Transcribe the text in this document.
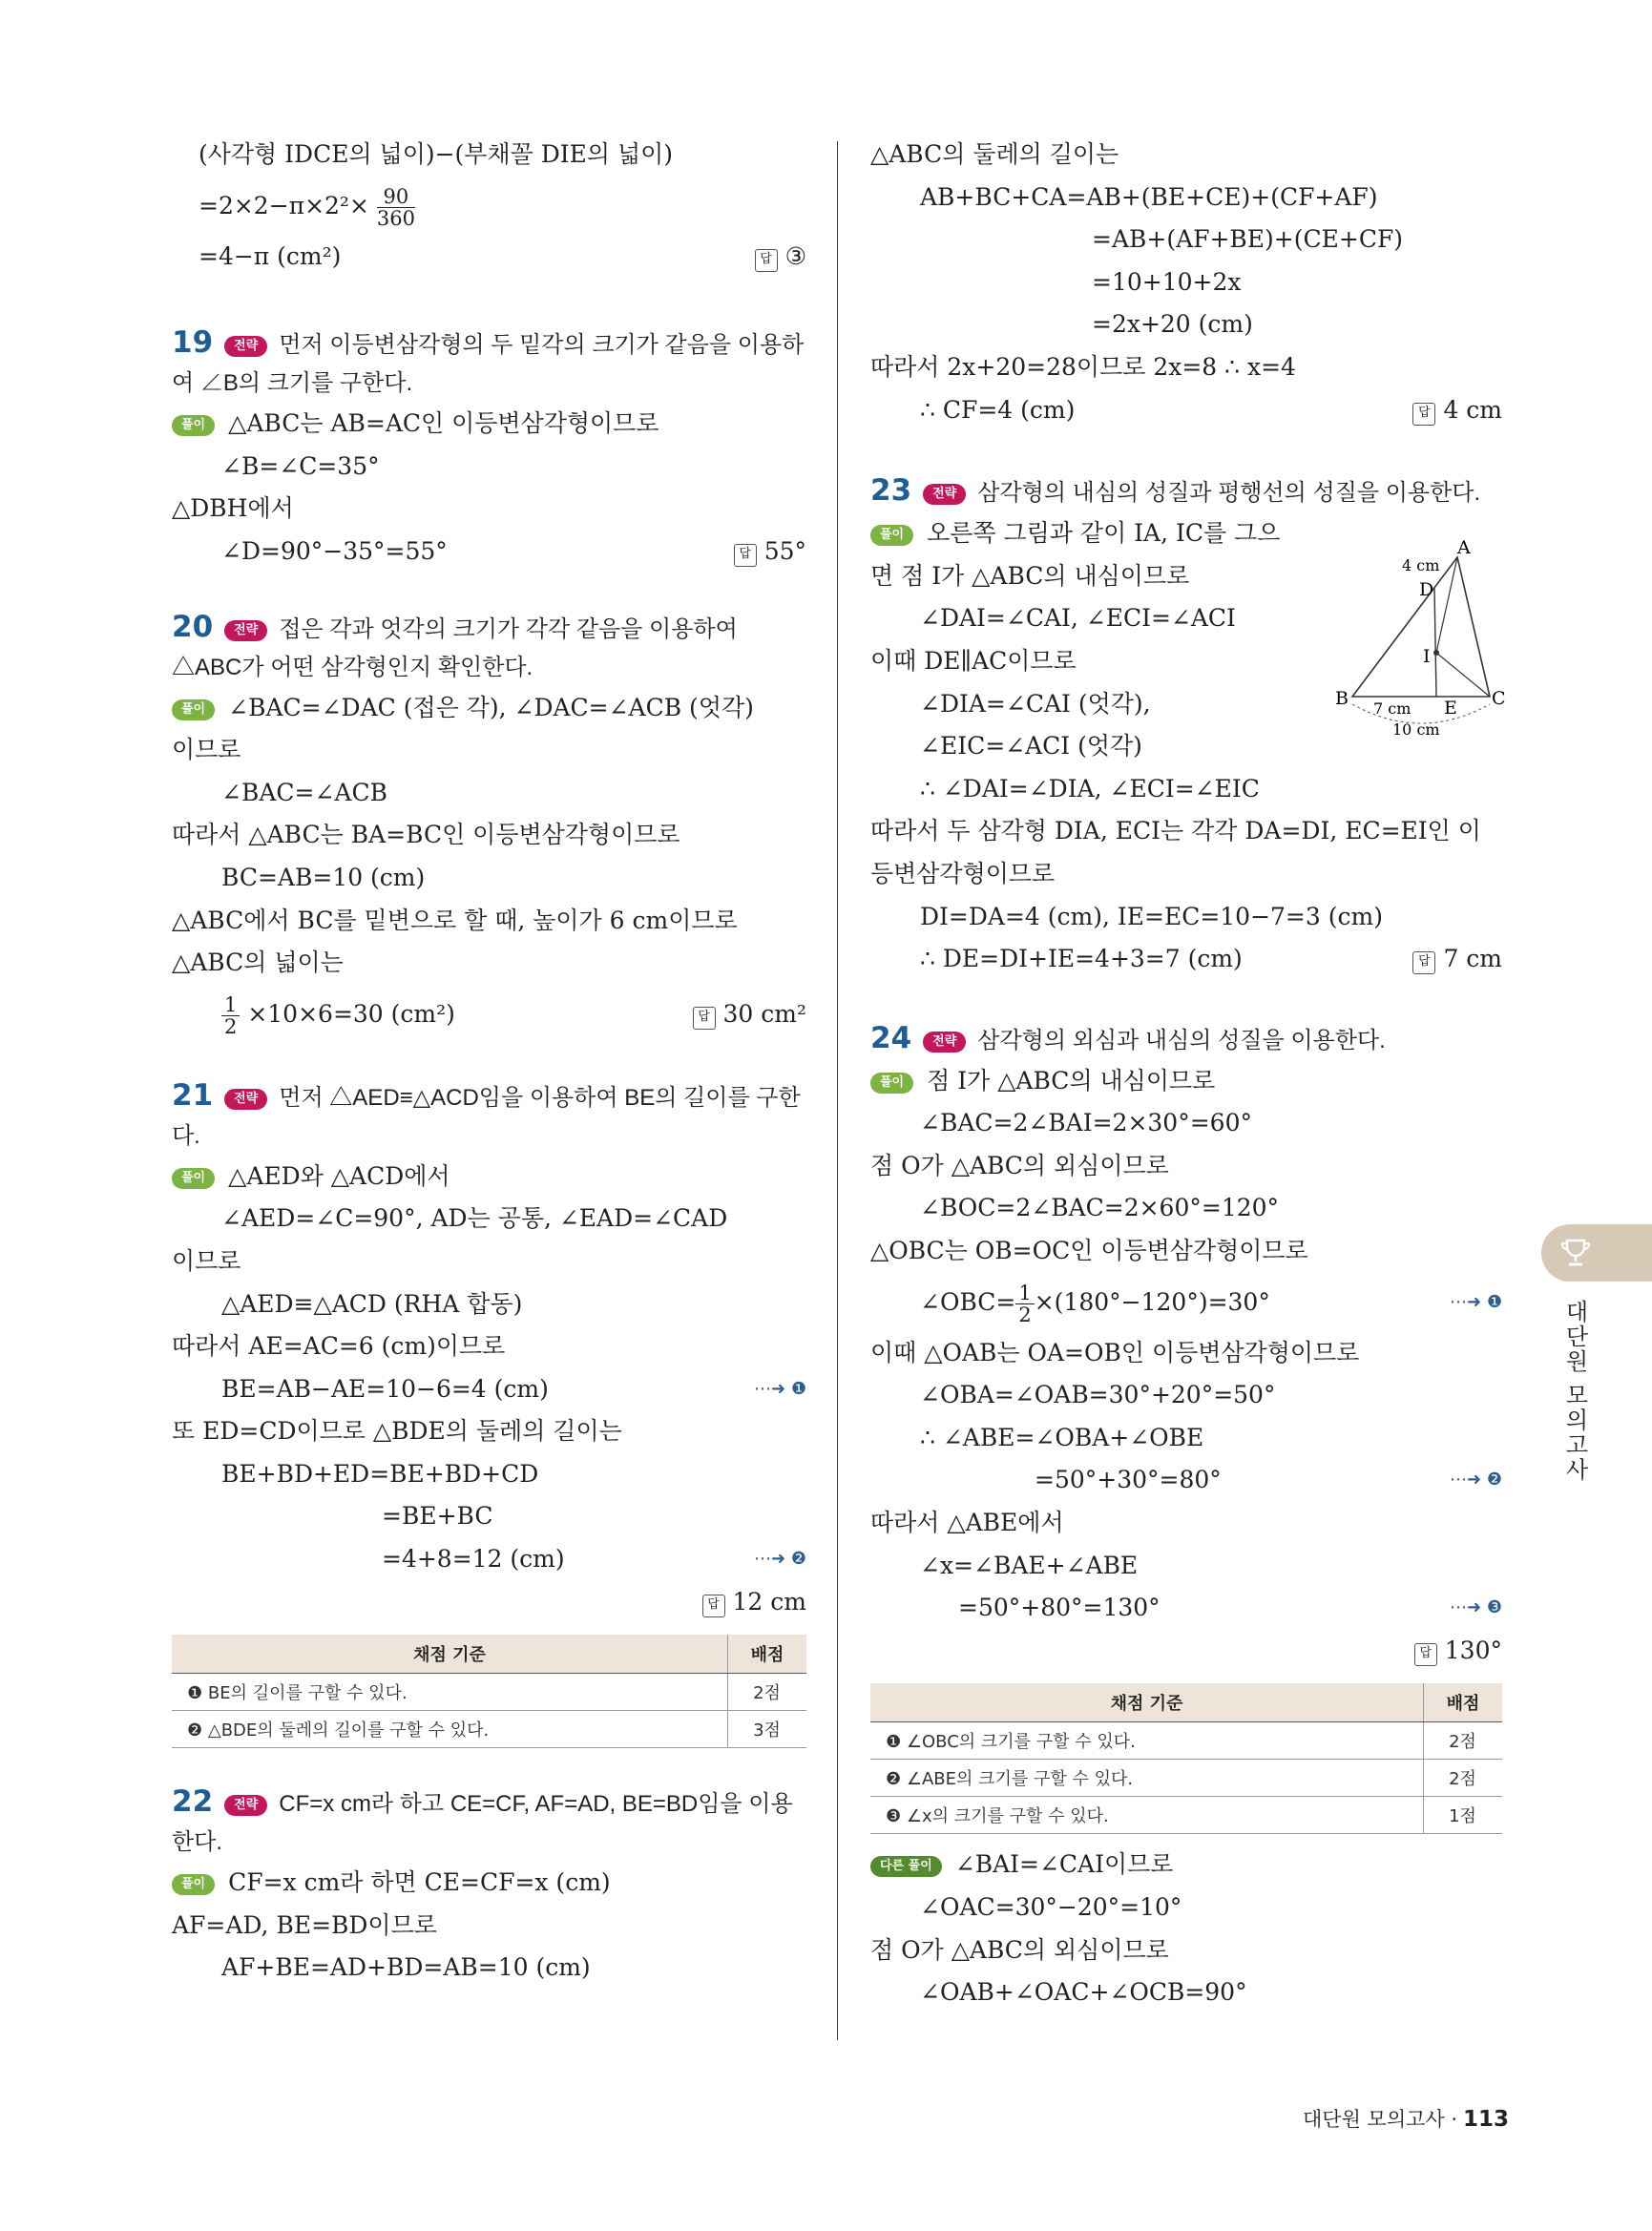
(사각형 IDCE의 넓이)−(부채꼴 DIE의 넓이)
$=2\times 2-\pi\times 2^2\times \frac{90}{360}$
=4−π (cm²)	답 ③
19 전략 먼저 이등변삼각형의 두 밑각의 크기가 같음을 이용하여 ∠B의 크기를 구한다.
풀이 △ABC는 AB=AC인 이등변삼각형이므로
∠B=∠C=35°
△DBH에서
∠D=90°−35°=55°	답 55°
20 전략 접은 각과 엇각의 크기가 각각 같음을 이용하여 △ABC가 어떤 삼각형인지 확인한다.
풀이 ∠BAC=∠DAC (접은 각), ∠DAC=∠ACB (엇각)
이므로
∠BAC=∠ACB
따라서 △ABC는 BA=BC인 이등변삼각형이므로
BC=AB=10 (cm)
△ABC에서 BC를 밑변으로 할 때, 높이가 6 cm이므로
△ABC의 넓이는
$\frac{1}{2} \times 10\times 6=30$ (cm²)	답 30 cm²
21 전략 먼저 △AED≡△ACD임을 이용하여 BE의 길이를 구한다.
풀이 △AED와 △ACD에서
∠AED=∠C=90°, AD는 공통, ∠EAD=∠CAD
이므로
△AED≡△ACD (RHA 합동)
따라서 AE=AC=6 (cm)이므로
BE=AB−AE=10−6=4 (cm)	⋯➜ ❶
또 ED=CD이므로 △BDE의 둘레의 길이는
BE+BD+ED=BE+BD+CD
=BE+BC
=4+8=12 (cm)	⋯➜ ❷
답 12 cm
채점 기준	배점
❶ BE의 길이를 구할 수 있다.	2점
❷ △BDE의 둘레의 길이를 구할 수 있다.	3점
22 전략 CF=x cm라 하고 CE=CF, AF=AD, BE=BD임을 이용한다.
풀이 CF=x cm라 하면 CE=CF=x (cm)
AF=AD, BE=BD이므로
AF+BE=AD+BD=AB=10 (cm)
△ABC의 둘레의 길이는
AB+BC+CA=AB+(BE+CE)+(CF+AF)
=AB+(AF+BE)+(CE+CF)
=10+10+2x
=2x+20 (cm)
따라서 2x+20=28이므로 2x=8 ∴ x=4
∴ CF=4 (cm)	답 4 cm
23 전략 삼각형의 내심의 성질과 평행선의 성질을 이용한다.
풀이 오른쪽 그림과 같이 IA, IC를 그으
면 점 I가 △ABC의 내심이므로
∠DAI=∠CAI, ∠ECI=∠ACI
이때 DE∥AC이므로
∠DIA=∠CAI (엇각),
∠EIC=∠ACI (엇각)
∴ ∠DAI=∠DIA, ∠ECI=∠EIC
따라서 두 삼각형 DIA, ECI는 각각 DA=DI, EC=EI인 이
등변삼각형이므로
DI=DA=4 (cm), IE=EC=10−7=3 (cm)
∴ DE=DI+IE=4+3=7 (cm)	답 7 cm
24 전략 삼각형의 외심과 내심의 성질을 이용한다.
풀이 점 I가 △ABC의 내심이므로
∠BAC=2∠BAI=2×30°=60°
점 O가 △ABC의 외심이므로
∠BOC=2∠BAC=2×60°=120°
△OBC는 OB=OC인 이등변삼각형이므로
∠OBC= $\frac{1}{2} \times(180^\circ-120^\circ)=30^\circ$	⋯➜ ❶
이때 △OAB는 OA=OB인 이등변삼각형이므로
∠OBA=∠OAB=30°+20°=50°
∴ ∠ABE=∠OBA+∠OBE
=50°+30°=80°	⋯➜ ❷
따라서 △ABE에서
∠x=∠BAE+∠ABE
=50°+80°=130°	⋯➜ ❸
답 130°
채점 기준	배점
❶ ∠OBC의 크기를 구할 수 있다.	2점
❷ ∠ABE의 크기를 구할 수 있다.	2점
❸ ∠x의 크기를 구할 수 있다.	1점
다른 풀이 ∠BAI=∠CAI이므로
∠OAC=30°−20°=10°
점 O가 △ABC의 외심이므로
∠OAB+∠OAC+∠OCB=90°
A
B	C
D
E
I
4 cm
7 cm
10 cm
대단원 모의고사
대단원 모의고사 · 113
